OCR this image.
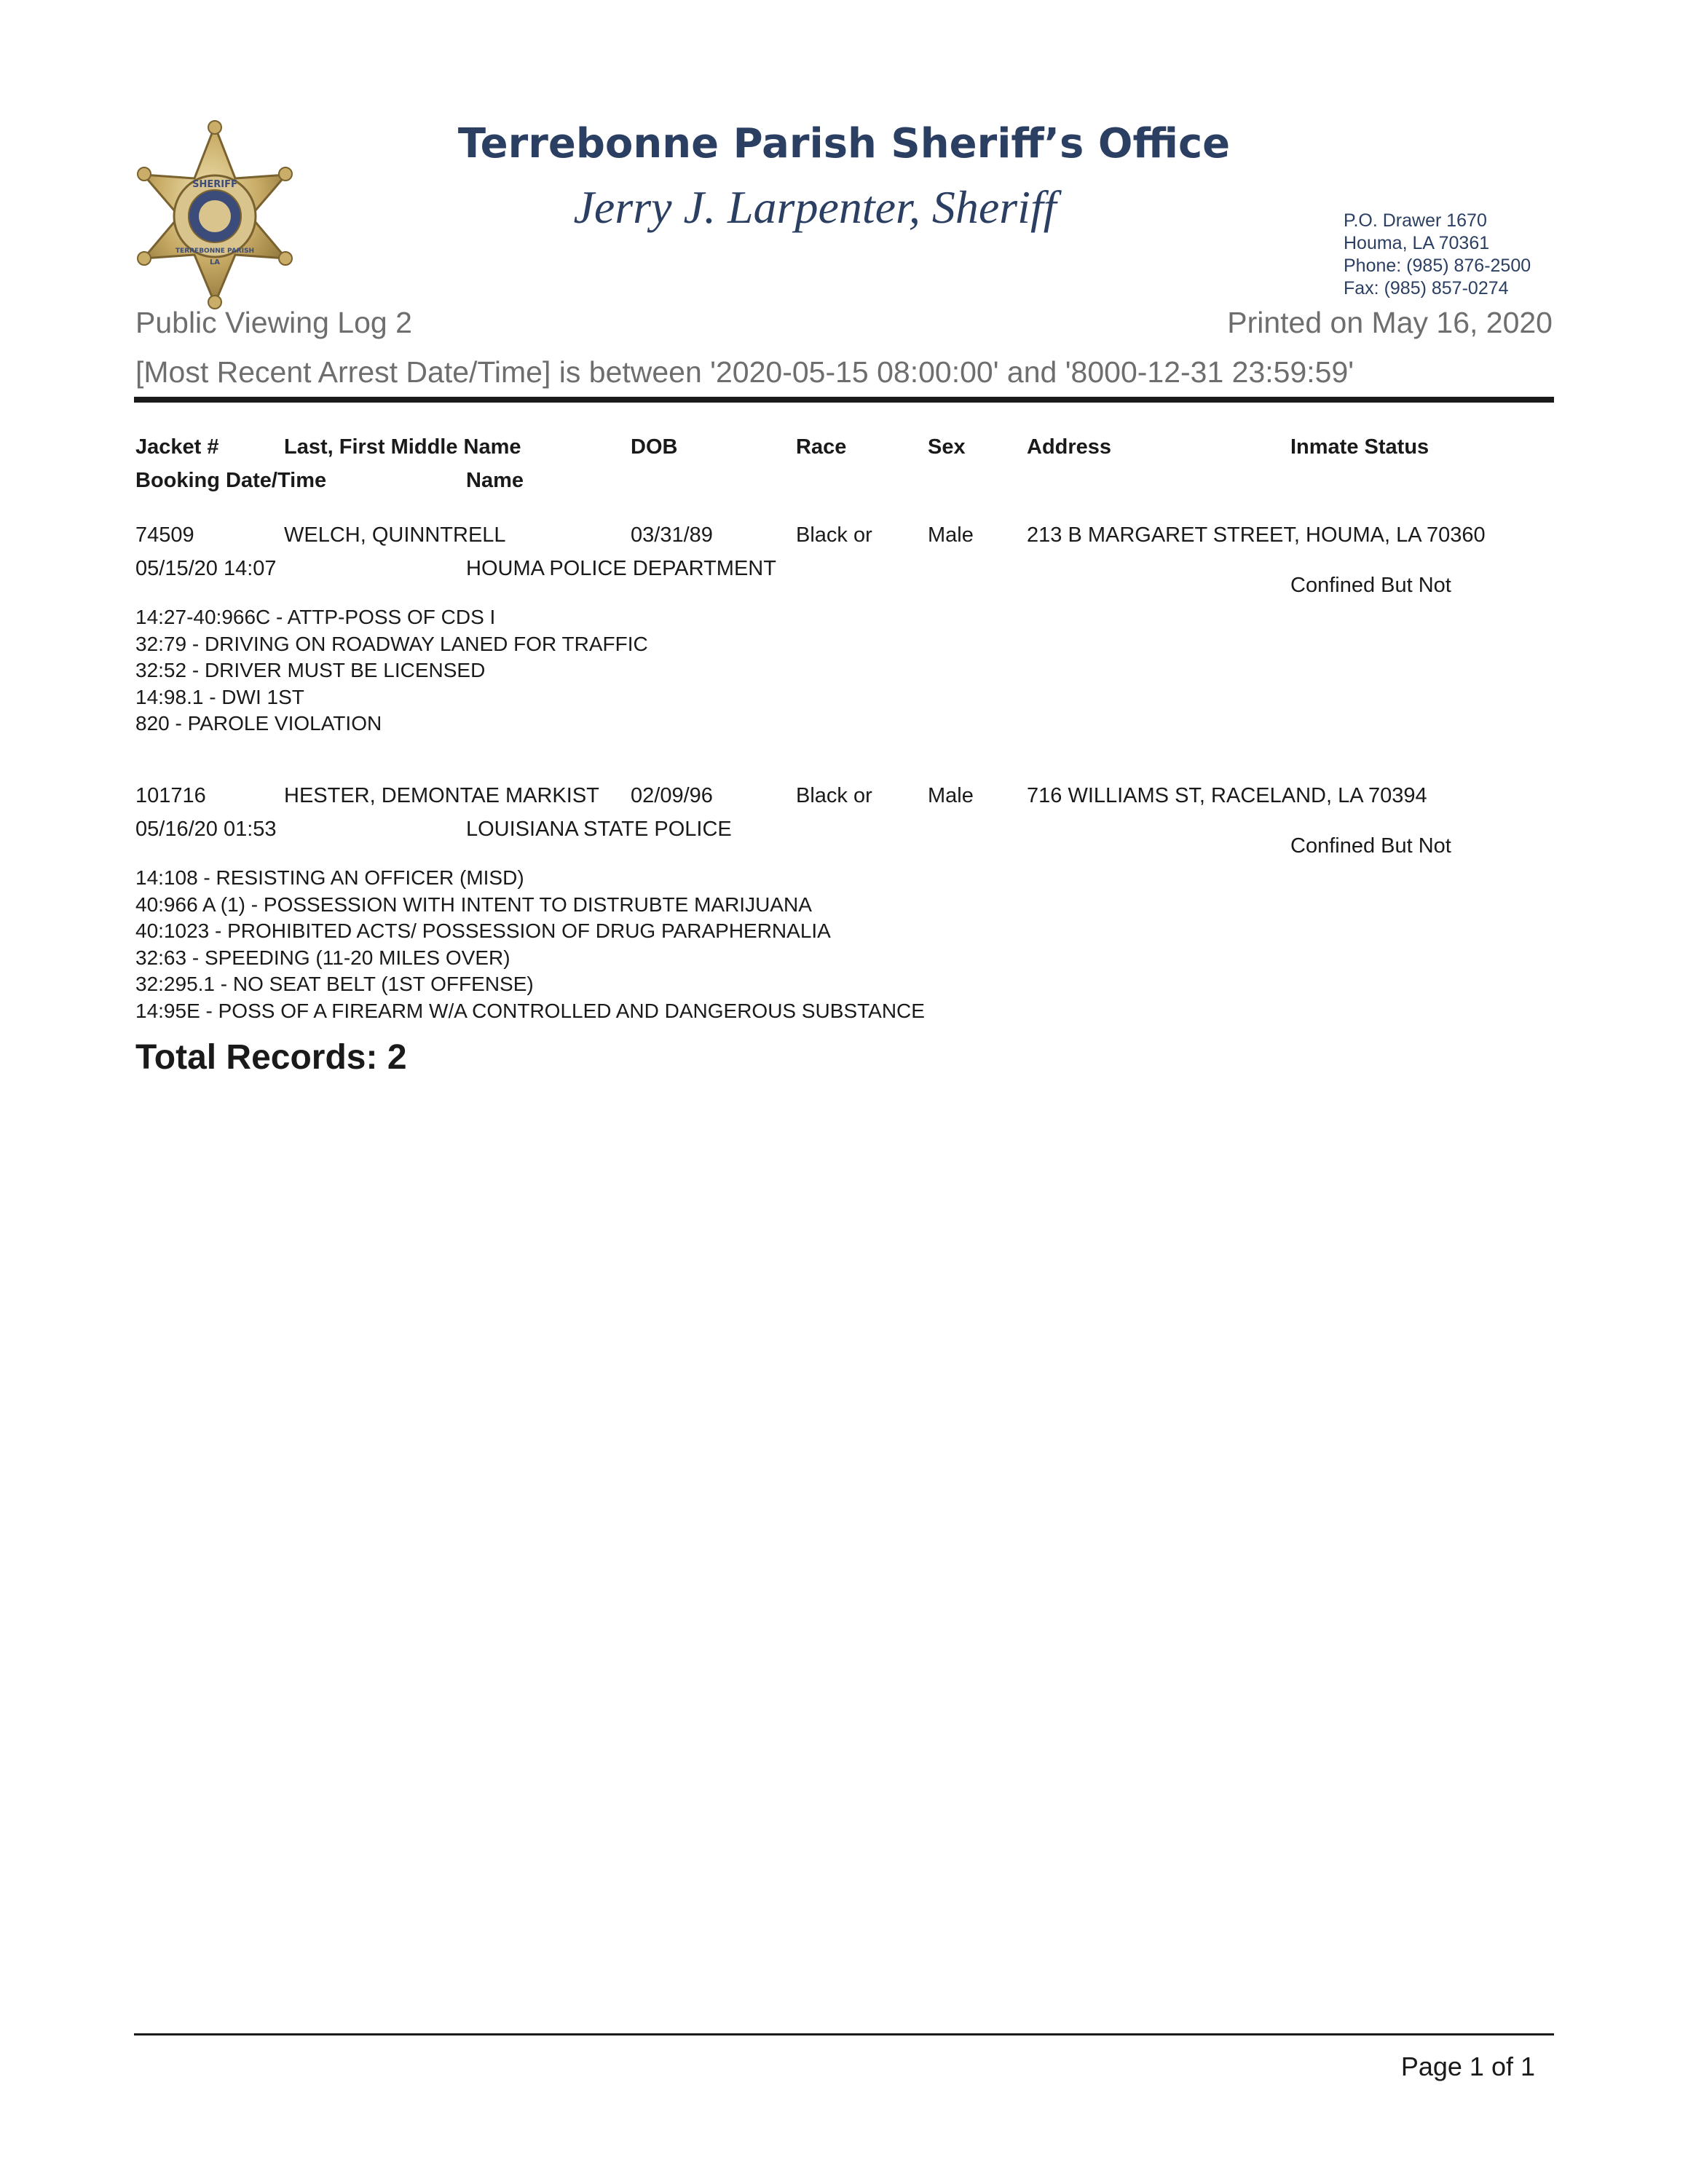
SHERIFF
TERREBONNE PARISH
LA
Terrebonne Parish Sheriff’s Office
Jerry J. Larpenter, Sheriff	P.O. Drawer 1670
Houma, LA 70361
Phone: (985) 876-2500
Fax: (985) 857-0274
Public Viewing Log 2	Printed on May 16, 2020
[Most Recent Arrest Date/Time] is between '2020-05-15 08:00:00' and '8000-12-31 23:59:59'
Jacket #	Last, First Middle Name	DOB	Race	Sex	Address	Inmate Status
Booking Date/Time	Name
74509	WELCH, QUINNTRELL	03/31/89	Black or	Male	213 B MARGARET STREET, HOUMA, LA 70360
05/15/20 14:07	HOUMA POLICE DEPARTMENT
Confined But Not
14:27-40:966C - ATTP-POSS OF CDS I
32:79 - DRIVING ON ROADWAY LANED FOR TRAFFIC
32:52 - DRIVER MUST BE LICENSED
14:98.1 - DWI 1ST
820 - PAROLE VIOLATION
101716	HESTER, DEMONTAE MARKIST 02/09/96	Black or	Male	716 WILLIAMS ST, RACELAND, LA 70394
05/16/20 01:53	LOUISIANA STATE POLICE
Confined But Not
14:108 - RESISTING AN OFFICER (MISD)
40:966 A (1) - POSSESSION WITH INTENT TO DISTRUBTE MARIJUANA
40:1023 - PROHIBITED ACTS/ POSSESSION OF DRUG PARAPHERNALIA
32:63 - SPEEDING (11-20 MILES OVER)
32:295.1 - NO SEAT BELT (1ST OFFENSE)
14:95E - POSS OF A FIREARM W/A CONTROLLED AND DANGEROUS SUBSTANCE
Total Records: 2
Page 1 of 1
